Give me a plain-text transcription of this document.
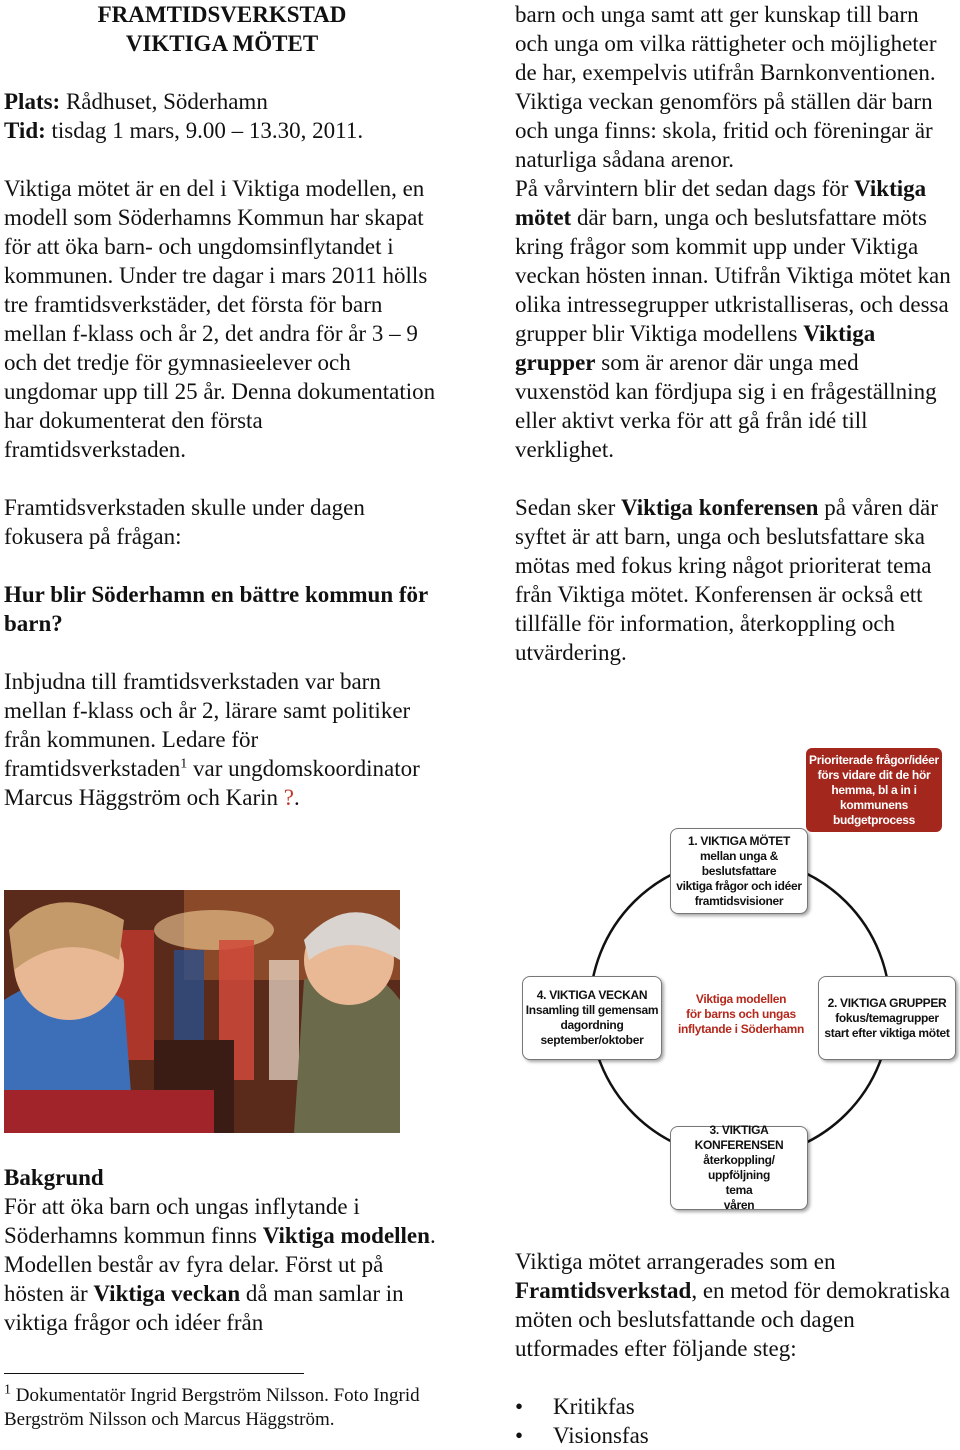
FRAMTIDSVERKSTAD
VIKTIGA MÖTET

Plats: Rådhuset, Söderhamn

Tid: tisdag 1 mars, 9.00 – 13.30, 2011.

Viktiga mötet är en del i Viktiga modellen, en modell som Söderhamns Kommun har skapat för att öka barn- och ungdomsinflytandet i kommunen. Under tre dagar i mars 2011 hölls tre framtidsverkstäder, det första för barn mellan f-klass och år 2, det andra för år 3 – 9 och det tredje för gymnasieelever och ungdomar upp till 25 år. Denna dokumentation har dokumenterat den första framtidsverkstaden.

Framtidsverkstaden skulle under dagen fokusera på frågan:

Hur blir Söderhamn en bättre kommun för barn?

Inbjudna till framtidsverkstaden var barn mellan f-klass och år 2, lärare samt politiker från kommunen. Ledare för framtidsverkstaden$^1$ var ungdomskoordinator Marcus Häggström och Karin ?.

Bakgrund

För att öka barn och ungas inflytande i Söderhamns kommun finns Viktiga modellen. Modellen består av fyra delar. Först ut på hösten är Viktiga veckan då man samlar in viktiga frågor och idéer från

$^1$ Dokumentatör Ingrid Bergström Nilsson. Foto Ingrid Bergström Nilsson och Marcus Häggström.

barn och unga samt att ger kunskap till barn och unga om vilka rättigheter och möjligheter de har, exempelvis utifrån Barnkonventionen.

Viktiga veckan genomförs på ställen där barn och unga finns: skola, fritid och föreningar är naturliga sådana arenor.

På vårvintern blir det sedan dags för Viktiga mötet där barn, unga och beslutsfattare möts kring frågor som kommit upp under Viktiga veckan hösten innan. Utifrån Viktiga mötet kan olika intressegrupper utkristalliseras, och dessa grupper blir Viktiga modellens Viktiga grupper som är arenor där unga med vuxenstöd kan fördjupa sig i en frågeställning eller aktivt verka för att gå från idé till verklighet.

Sedan sker Viktiga konferensen på våren där syftet är att barn, unga och beslutsfattare ska mötas med fokus kring något prioriterat tema från Viktiga mötet. Konferensen är också ett tillfälle för information, återkoppling och utvärdering.

Prioriterade frågor/idéer
förs vidare dit de hör
hemma, bl a in i
kommunens
budgetprocess
1. VIKTIGA MÖTET
mellan unga &
beslutsfattare
viktiga frågor och idéer
framtidsvisioner
4. VIKTIGA VECKAN
Insamling till gemensam
dagordning
september/oktober
Viktiga modellen
för barns och ungas
inflytande i Söderhamn
2. VIKTIGA GRUPPER
fokus/temagrupper
start efter viktiga mötet
3. VIKTIGA KONFERENSEN
återkoppling/ uppföljning
tema
våren

Viktiga mötet arrangerades som en Framtidsverkstad, en metod för demokratiska möten och beslutsfattande och dagen utformades efter följande steg:

• Kritikfas
• Visionsfas
